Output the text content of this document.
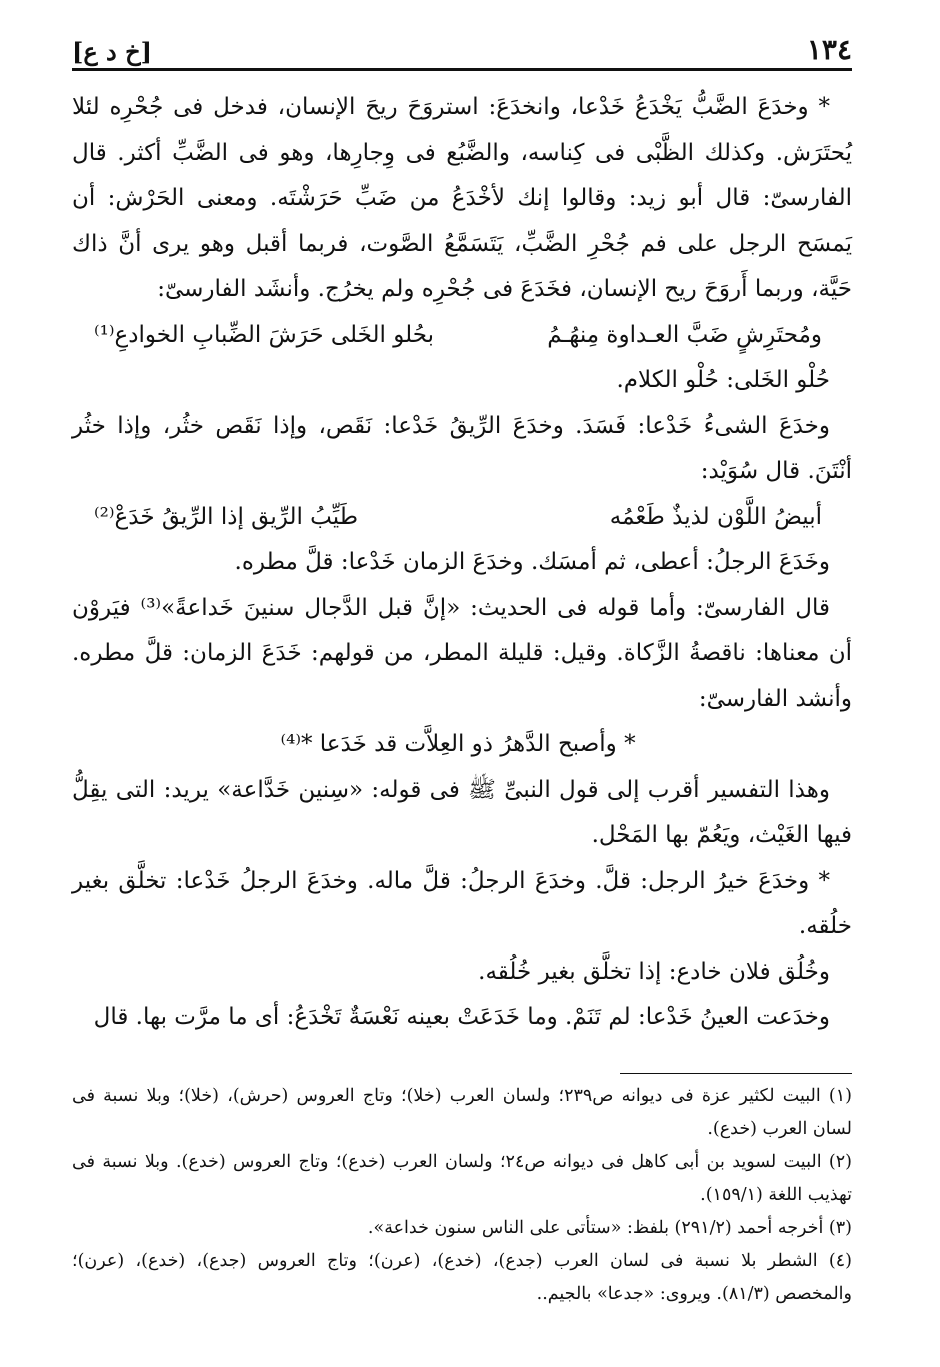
١٣٤
[خ د ع]

* وخدَعَ الضَّبُّ يَخْدَعُ خَدْعا، وانخدَعَ: استروَحَ ريحَ الإنسان، فدخل فى جُحْرِه لئلا يُحتَرَش. وكذلك الظَّبْى فى كِناسه، والضَّبُع فى وِجارِها، وهو فى الضَّبِّ أكثر. قال الفارسىّ: قال أبو زيد: وقالوا إنك لأخْدَعُ من ضَبِّ حَرَشْتَه. ومعنى الحَرْش: أن يَمسَح الرجل على فم جُحْرِ الضَّبِّ، يَتَسَمَّعُ الصَّوت، فربما أقبل وهو يرى أنَّ ذاك حَيَّة، وربما أَروَحَ ريح الإنسان، فخَدَعَ فى جُحْرِه ولم يخرُج. وأنشَد الفارسىّ:

ومُحتَرِشٍ ضَبَّ العـداوة مِنهُـمُ
بحُلو الخَلى حَرَشَ الضِّبابِ الخوادعِ⁽¹⁾

حُلْو الخَلى: حُلْو الكلام.

وخدَعَ الشىءُ خَدْعا: فَسَدَ. وخدَعَ الرِّيقُ خَدْعا: نَقَص، وإذا نَقَص خثُر، وإذا خثُر أنْتَنَ. قال سُوَيْد:

أبيضُ اللَّوْن لذيذٌ طَعْمُه
طَيِّبُ الرِّيق إذا الرِّيقُ خَدَعْ⁽²⁾

وخَدَعَ الرجلُ: أعطى، ثم أمسَك. وخدَعَ الزمان خَدْعا: قلَّ مطره.

قال الفارسىّ: وأما قوله فى الحديث: «إنَّ قبل الدَّجال سنينَ خَداعةً»⁽³⁾ فيَروْن أن معناها: ناقصةُ الزَّكاة. وقيل: قليلة المطر، من قولهم: خَدَعَ الزمان: قلَّ مطره. وأنشد الفارسىّ:

* وأصبح الدَّهرُ ذو العِلاَّت قد خَدَعا *⁽⁴⁾

وهذا التفسير أقرب إلى قول النبىِّ ﷺ فى قوله: «سِنين خَدَّاعة» يريد: التى يقِلُّ فيها الغَيْث، ويَعُمّ بها المَحْل.

* وخدَعَ خيرُ الرجل: قلَّ. وخدَعَ الرجلُ: قلَّ ماله. وخدَعَ الرجلُ خَدْعا: تخلَّق بغير خلُقه.

وخُلُق فلان خادع: إذا تخلَّق بغير خُلُقه.

وخدَعت العينُ خَدْعا: لم تَنَمْ. وما خَدَعَتْ بعينه نَعْسَةٌ تَخْدَعُ: أى ما مرَّت بها. قال

(١) البيت لكثير عزة فى ديوانه ص٢٣٩؛ ولسان العرب (خلا)؛ وتاج العروس (حرش)، (خلا)؛ وبلا نسبة فى لسان العرب (خدع).

(٢) البيت لسويد بن أبى كاهل فى ديوانه ص٢٤؛ ولسان العرب (خدع)؛ وتاج العروس (خدع). وبلا نسبة فى تهذيب اللغة (١٥٩/١).

(٣) أخرجه أحمد (٢٩١/٢) بلفظ: «ستأتى على الناس سنون خداعة».

(٤) الشطر بلا نسبة فى لسان العرب (جدع)، (خدع)، (عرن)؛ وتاج العروس (جدع)، (خدع)، (عرن)؛ والمخصص (٨١/٣). ويروى: «جدعا» بالجيم..
